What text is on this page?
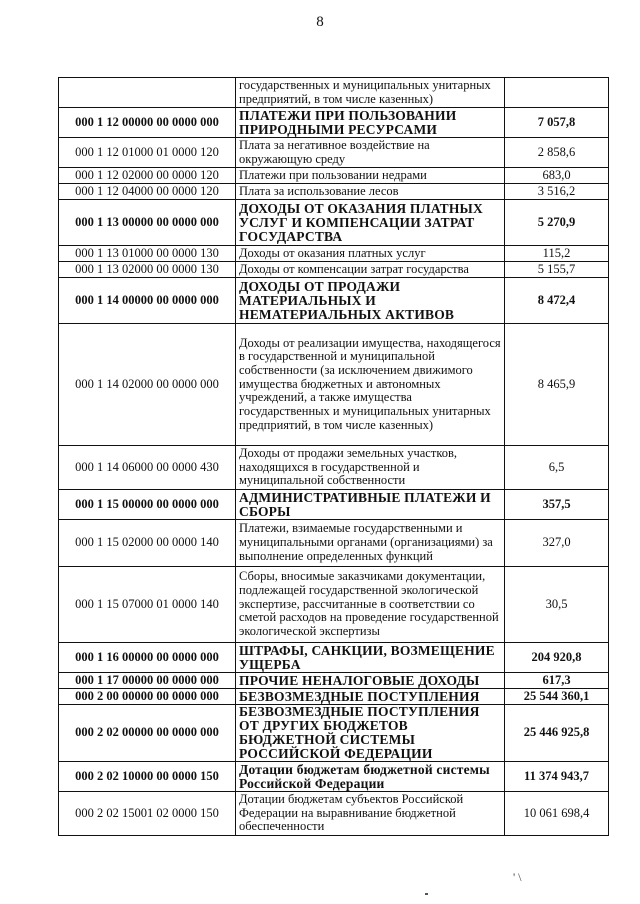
8
	государственных и муниципальных унитарных предприятий, в том числе казенных)	
000 1 12 00000 00 0000 000	ПЛАТЕЖИ ПРИ ПОЛЬЗОВАНИИ ПРИРОДНЫМИ РЕСУРСАМИ	7 057,8
000 1 12 01000 01 0000 120	Плата за негативное воздействие на окружающую среду	2 858,6
000 1 12 02000 00 0000 120	Платежи при пользовании недрами	683,0
000 1 12 04000 00 0000 120	Плата за использование лесов	3 516,2
000 1 13 00000 00 0000 000	ДОХОДЫ ОТ ОКАЗАНИЯ ПЛАТНЫХ УСЛУГ И КОМПЕНСАЦИИ ЗАТРАТ ГОСУДАРСТВА	5 270,9
000 1 13 01000 00 0000 130	Доходы от оказания платных услуг	115,2
000 1 13 02000 00 0000 130	Доходы от компенсации затрат государства	5 155,7
000 1 14 00000 00 0000 000	ДОХОДЫ ОТ ПРОДАЖИ МАТЕРИАЛЬНЫХ И НЕМАТЕРИАЛЬНЫХ АКТИВОВ	8 472,4
000 1 14 02000 00 0000 000	Доходы от реализации имущества, находящегося в государственной и муниципальной собственности (за исключением движимого имущества бюджетных и автономных учреждений, а также имущества государственных и муниципальных унитарных предприятий, в том числе казенных)	8 465,9
000 1 14 06000 00 0000 430	Доходы от продажи земельных участков, находящихся в государственной и муниципальной собственности	6,5
000 1 15 00000 00 0000 000	АДМИНИСТРАТИВНЫЕ ПЛАТЕЖИ И СБОРЫ	357,5
000 1 15 02000 00 0000 140	Платежи, взимаемые государственными и муниципальными органами (организациями) за выполнение определенных функций	327,0
000 1 15 07000 01 0000 140	Сборы, вносимые заказчиками документации, подлежащей государственной экологической экспертизе, рассчитанные в соответствии со сметой расходов на проведение государственной экологической экспертизы	30,5
000 1 16 00000 00 0000 000	ШТРАФЫ, САНКЦИИ, ВОЗМЕЩЕНИЕ УЩЕРБА	204 920,8
000 1 17 00000 00 0000 000	ПРОЧИЕ НЕНАЛОГОВЫЕ ДОХОДЫ	617,3
000 2 00 00000 00 0000 000	БЕЗВОЗМЕЗДНЫЕ ПОСТУПЛЕНИЯ	25 544 360,1
000 2 02 00000 00 0000 000	БЕЗВОЗМЕЗДНЫЕ ПОСТУПЛЕНИЯ ОТ ДРУГИХ БЮДЖЕТОВ БЮДЖЕТНОЙ СИСТЕМЫ РОССИЙСКОЙ ФЕДЕРАЦИИ	25 446 925,8
000 2 02 10000 00 0000 150	Дотации бюджетам бюджетной системы Российской Федерации	11 374 943,7
000 2 02 15001 02 0000 150	Дотации бюджетам субъектов Российской Федерации на выравнивание бюджетной обеспеченности	10 061 698,4
' \
